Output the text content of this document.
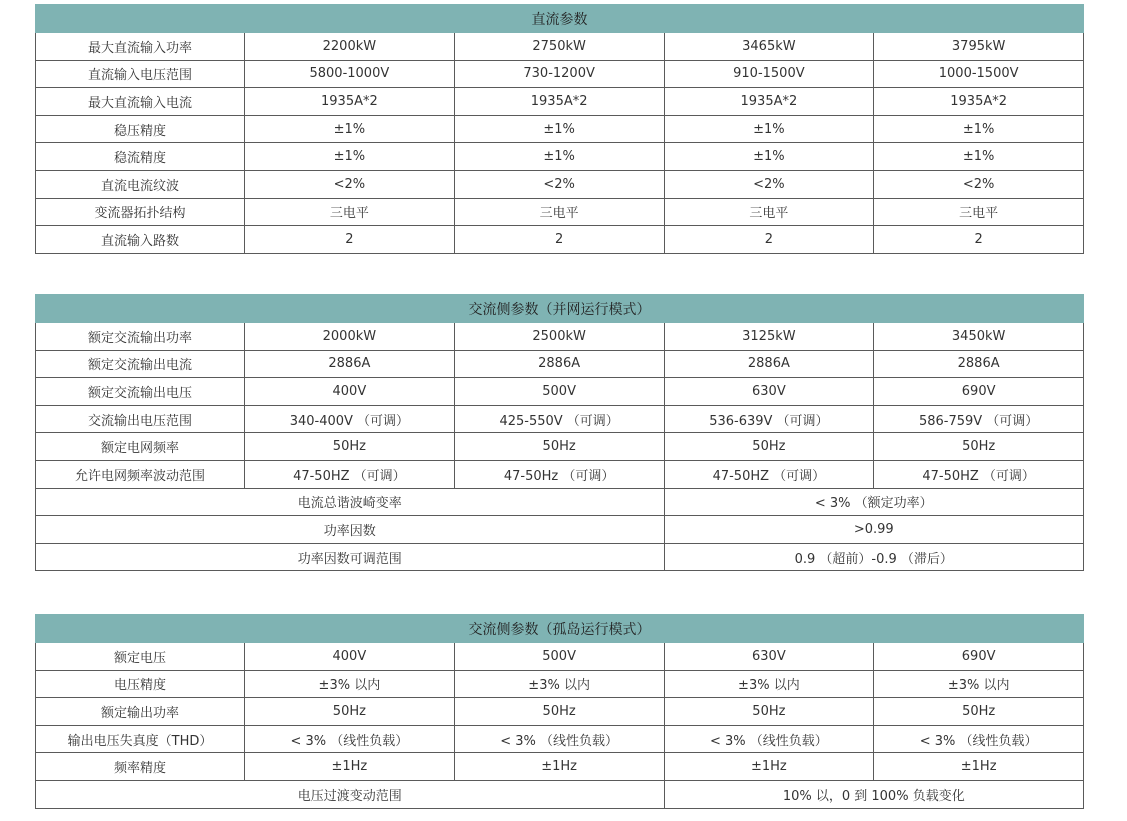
直流参数				
最大直流输入功率	2200kW	2750kW	3465kW	3795kW
直流输入电压范围	5800-1000V	730-1200V	910-1500V	1000-1500V
最大直流输入电流	1935A*2	1935A*2	1935A*2	1935A*2
稳压精度	±1%	±1%	±1%	±1%
稳流精度	±1%	±1%	±1%	±1%
直流电流纹波	<2%	<2%	<2%	<2%
变流器拓扑结构	三电平	三电平	三电平	三电平
直流输入路数	2	2	2	2
交流侧参数（并网运行模式）				
额定交流输出功率	2000kW	2500kW	3125kW	3450kW
额定交流输出电流	2886A	2886A	2886A	2886A
额定交流输出电压	400V	500V	630V	690V
交流输出电压范围	340-400V （可调）	425-550V （可调）	536-639V （可调）	586-759V （可调）
额定电网频率	50Hz	50Hz	50Hz	50Hz
允许电网频率波动范围	47-50HZ （可调）	47-50Hz （可调）	47-50HZ （可调）	47-50HZ （可调）
电流总谐波崎变率			< 3% （额定功率）	
功率因数			>0.99	
功率因数可调范围			0.9 （超前）-0.9 （滞后）	
交流侧参数（孤岛运行模式）				
额定电压	400V	500V	630V	690V
电压精度	±3% 以内	±3% 以内	±3% 以内	±3% 以内
额定输出功率	50Hz	50Hz	50Hz	50Hz
输出电压失真度（THD）	< 3% （线性负载）	< 3% （线性负载）	< 3% （线性负载）	< 3% （线性负载）
频率精度	±1Hz	±1Hz	±1Hz	±1Hz
电压过渡变动范围			10% 以，0 到 100% 负载变化	
